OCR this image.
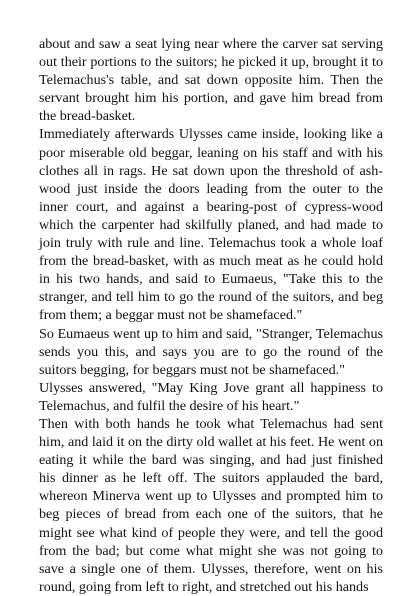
about and saw a seat lying near where the carver sat serving out their portions to the suitors; he picked it up, brought it to Telemachus's table, and sat down opposite him. Then the servant brought him his portion, and gave him bread from the bread-basket.

Immediately afterwards Ulysses came inside, looking like a poor miserable old beggar, leaning on his staff and with his clothes all in rags. He sat down upon the threshold of ash-wood just inside the doors leading from the outer to the inner court, and against a bearing-post of cypress-wood which the carpenter had skilfully planed, and had made to join truly with rule and line. Telemachus took a whole loaf from the bread-basket, with as much meat as he could hold in his two hands, and said to Eumaeus, "Take this to the stranger, and tell him to go the round of the suitors, and beg from them; a beggar must not be shamefaced."

So Eumaeus went up to him and said, "Stranger, Telemachus sends you this, and says you are to go the round of the suitors begging, for beggars must not be shamefaced."

Ulysses answered, "May King Jove grant all happiness to Telemachus, and fulfil the desire of his heart."

Then with both hands he took what Telemachus had sent him, and laid it on the dirty old wallet at his feet. He went on eating it while the bard was singing, and had just finished his dinner as he left off. The suitors applauded the bard, whereon Minerva went up to Ulysses and prompted him to beg pieces of bread from each one of the suitors, that he might see what kind of people they were, and tell the good from the bad; but come what might she was not going to save a single one of them. Ulysses, therefore, went on his round, going from left to right, and stretched out his hands
